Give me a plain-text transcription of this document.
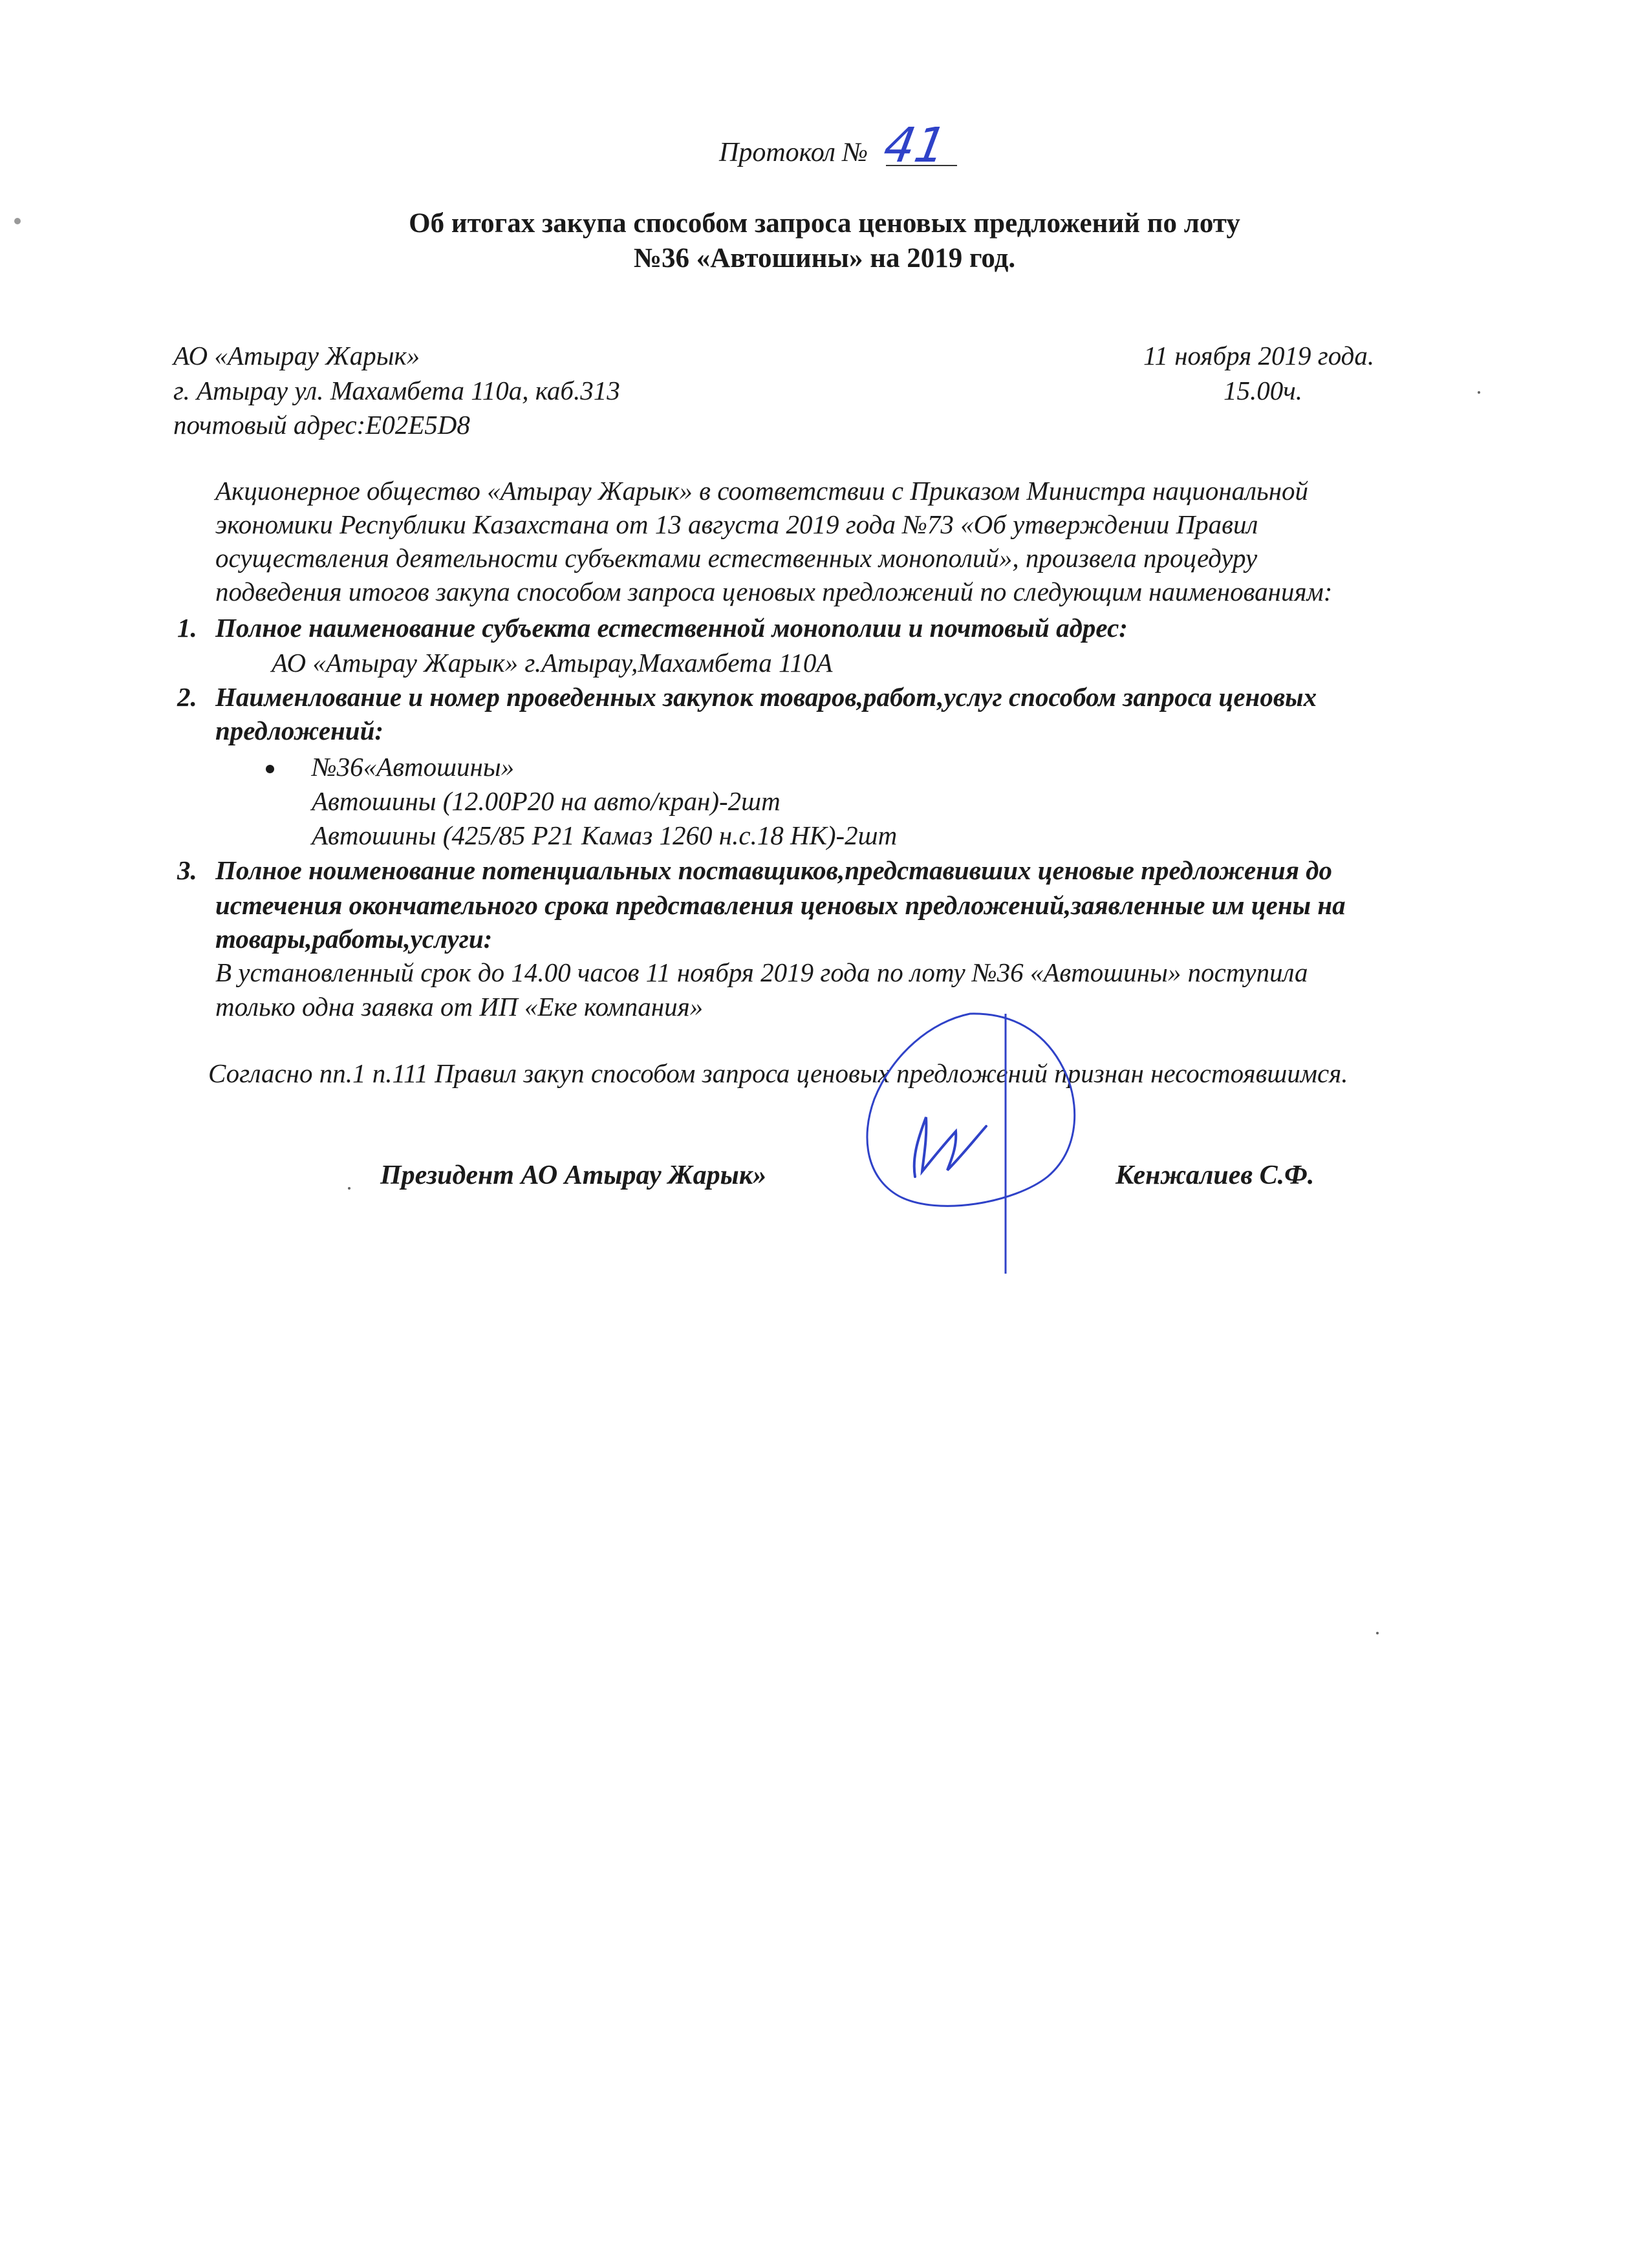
Протокол № 41
Об итогах закупа способом запроса ценовых предложений по лоту
№36 «Автошины» на 2019 год.
АО «Атырау Жарык»
г. Атырау ул. Махамбета 110а, каб.313
почтовый адрес:E02E5D8
11 ноября 2019 года.
15.00ч.
Акционерное общество «Атырау Жарык» в соответствии с Приказом Министра национальной
экономики Республики Казахстана от 13 августа 2019 года №73 «Об утверждении Правил
осуществления деятельности субъектами естественных монополий», произвела процедуру
подведения итогов закупа способом запроса ценовых предложений по следующим наименованиям:
1. Полное наименование субъекта естественной монополии и почтовый адрес:
АО «Атырау Жарык» г.Атырау,Махамбета 110А
2. Наименлование и номер проведенных закупок товаров,работ,услуг способом запроса ценовых
предложений:
№36«Автошины»
Автошины (12.00Р20 на авто/кран)-2шт
Автошины (425/85 Р21 Камаз 1260 н.с.18 НК)-2шт
3. Полное ноименование потенциальных поставщиков,представивших ценовые предложения до
истечения окончательного срока представления ценовых предложений,заявленные им цены на
товары,работы,услуги:
В установленный срок до 14.00 часов 11 ноября 2019 года по лоту №36 «Автошины» поступила
только одна заявка от ИП «Еке компания»
Согласно пп.1 п.111 Правил закуп способом запроса ценовых предложений признан несостоявшимся.
Президент АО Атырау Жарык»	Кенжалиев С.Ф.
